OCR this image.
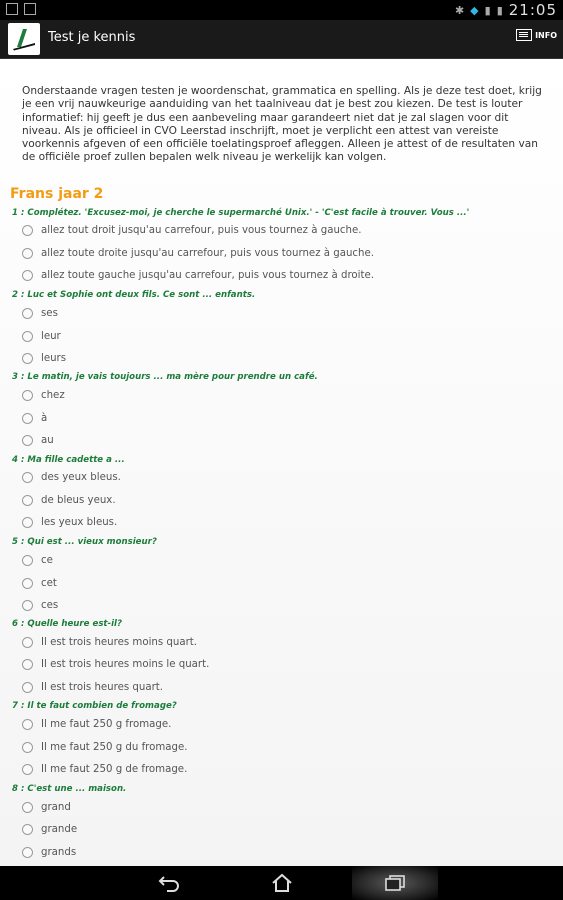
✱ ◆ ▮ ▮ 21:05
Test je kennis	INFO

Onderstaande vragen testen je woordenschat, grammatica en spelling. Als je deze test doet, krijg je een vrij nauwkeurige aanduiding van het taalniveau dat je best zou kiezen. De test is louter informatief: hij geeft je dus een aanbeveling maar garandeert niet dat je zal slagen voor dit niveau. Als je officieel in CVO Leerstad inschrijft, moet je verplicht een attest van vereiste voorkennis afgeven of een officiële toelatingsproef afleggen. Alleen je attest of de resultaten van de officiële proef zullen bepalen welk niveau je werkelijk kan volgen.

Frans jaar 2
1 : Complétez. 'Excusez-moi, je cherche le supermarché Unix.' - 'C'est facile à trouver. Vous ...'
allez tout droit jusqu'au carrefour, puis vous tournez à gauche.
allez toute droite jusqu'au carrefour, puis vous tournez à gauche.
allez toute gauche jusqu'au carrefour, puis vous tournez à droite.
2 : Luc et Sophie ont deux fils. Ce sont ... enfants.
ses
leur
leurs
3 : Le matin, je vais toujours ... ma mère pour prendre un café.
chez
à
au
4 : Ma fille cadette a ...
des yeux bleus.
de bleus yeux.
les yeux bleus.
5 : Qui est ... vieux monsieur?
ce
cet
ces
6 : Quelle heure est-il?
Il est trois heures moins quart.
Il est trois heures moins le quart.
Il est trois heures quart.
7 : Il te faut combien de fromage?
Il me faut 250 g fromage.
Il me faut 250 g du fromage.
Il me faut 250 g de fromage.
8 : C'est une ... maison.
grand
grande
grands
